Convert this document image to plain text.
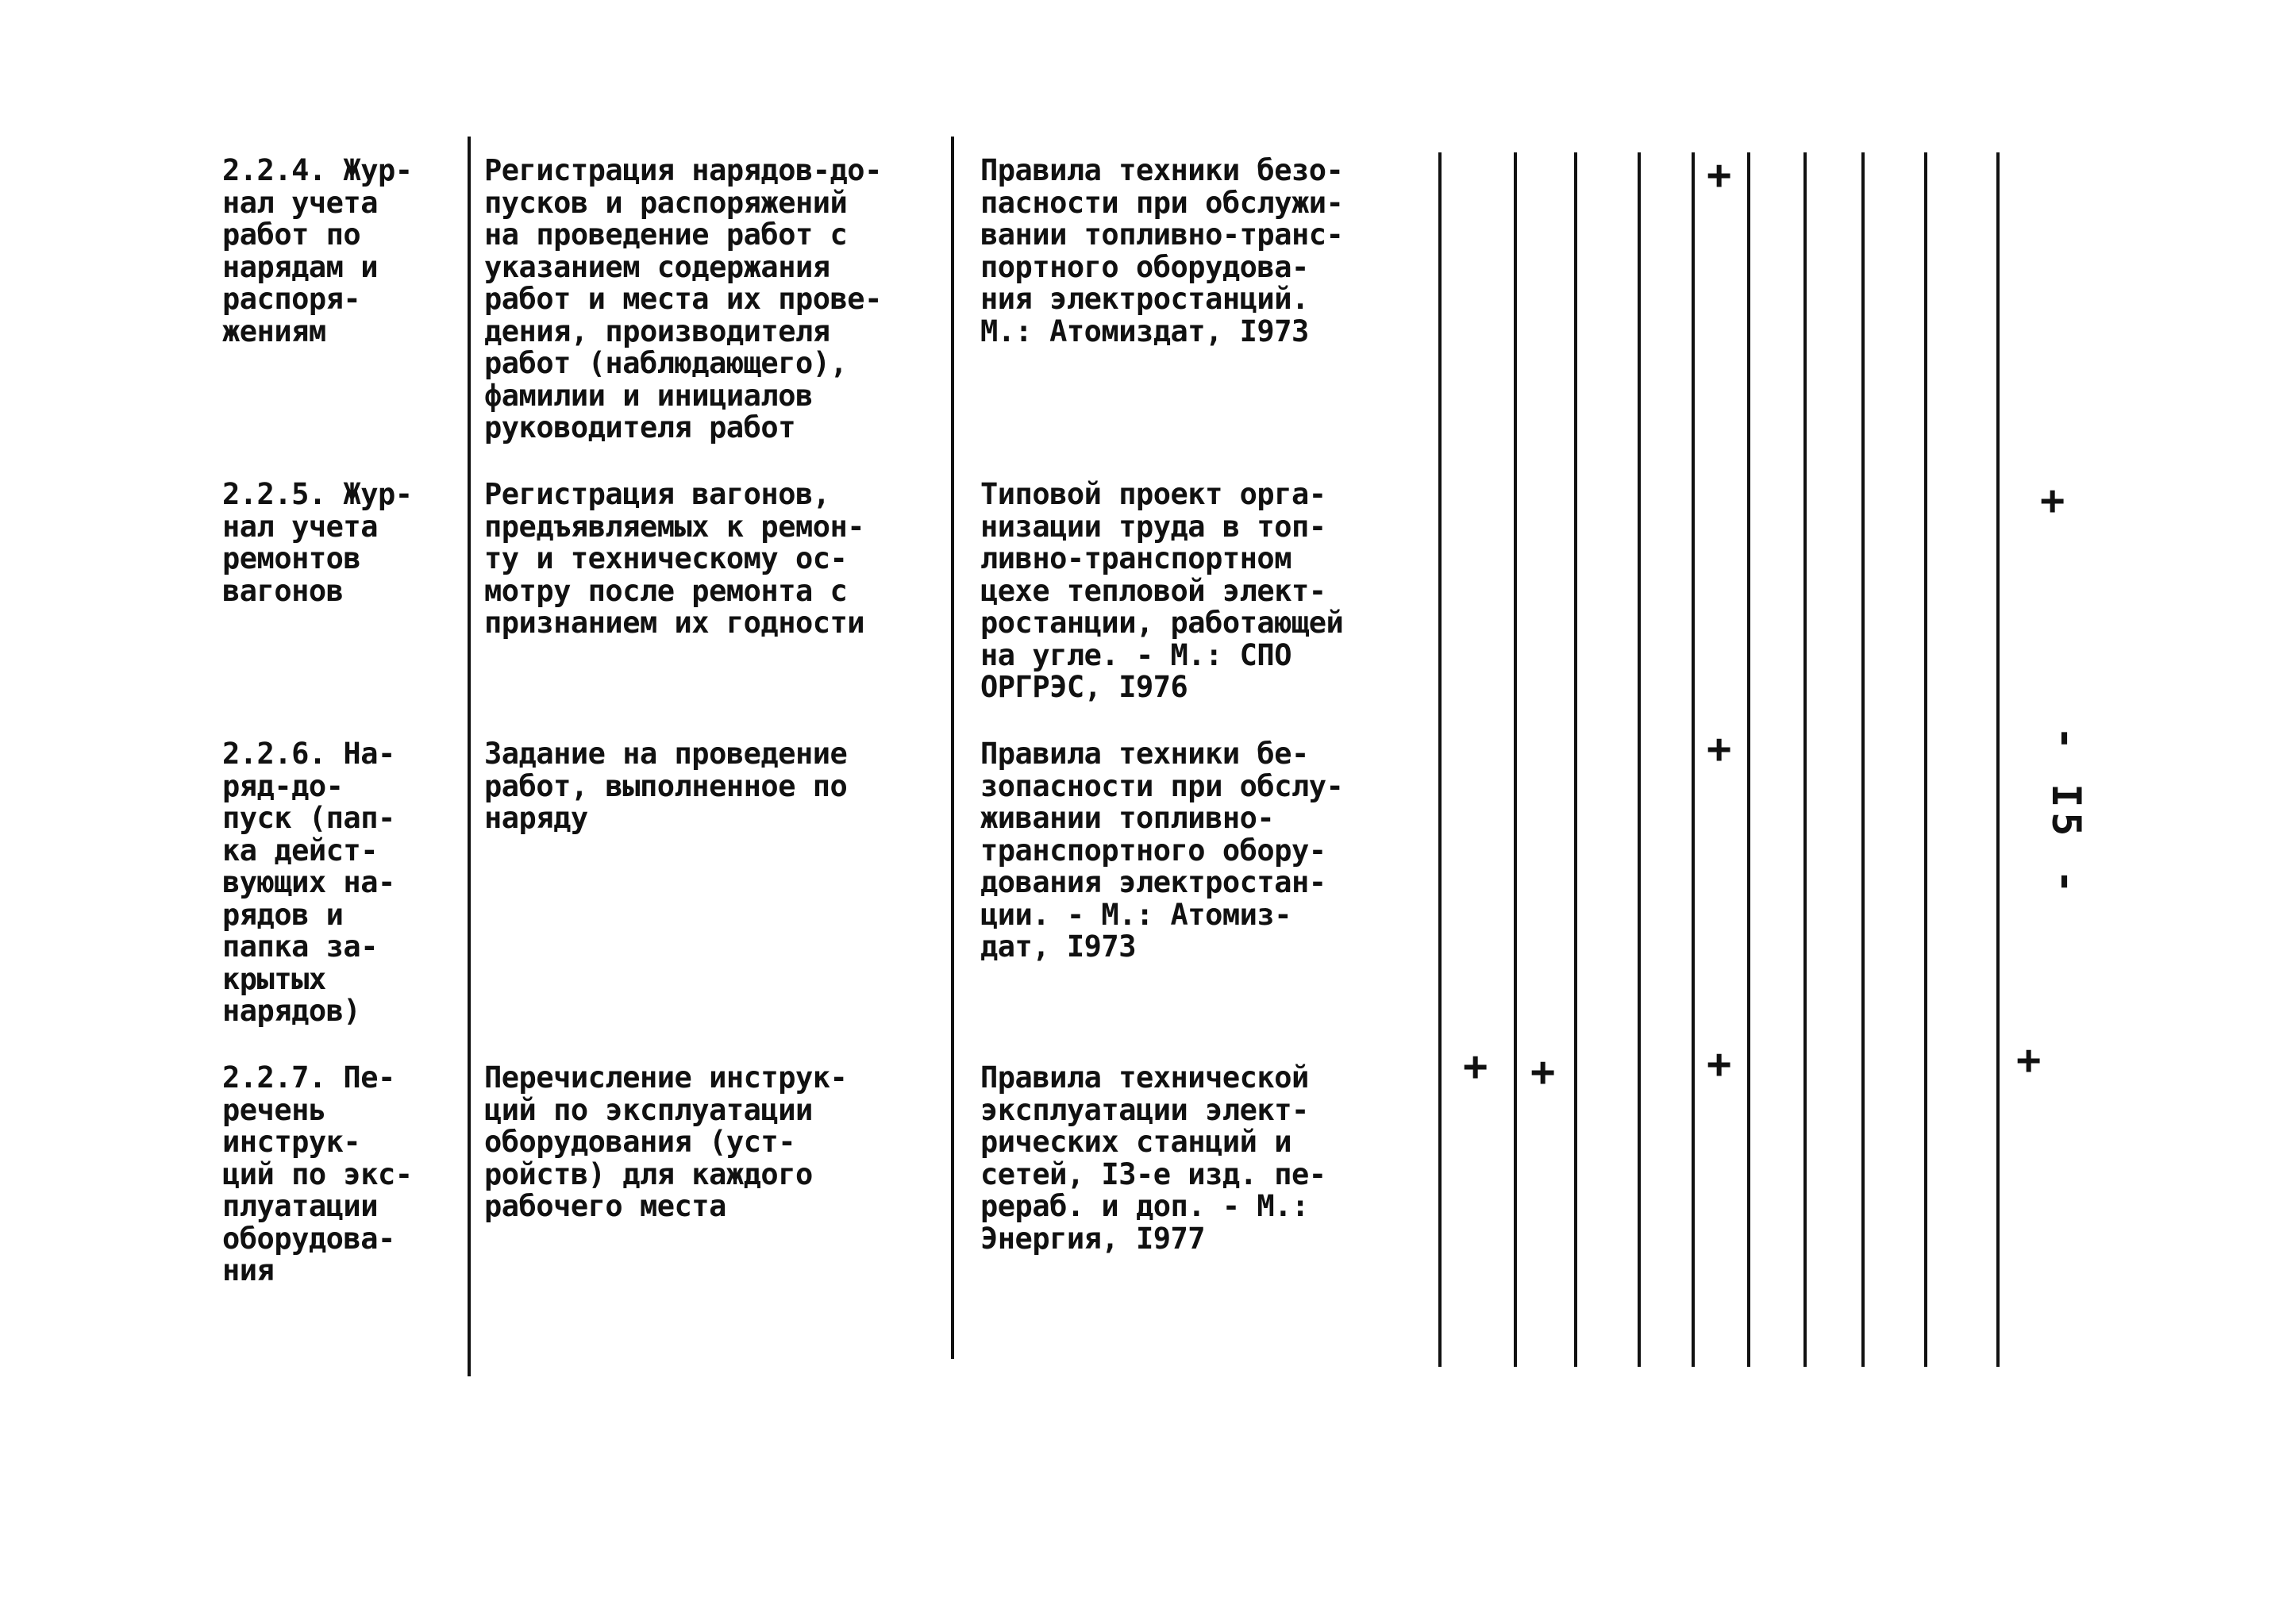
2.2.4. Жур-
нал учета
работ по
нарядам и
распоря-
жениям
Регистрация нарядов-до-
пусков и распоряжений
на проведение работ с
указанием содержания
работ и места их прове-
дения, производителя
работ (наблюдающего),
фамилии и инициалов
руководителя работ
Правила техники безо-
пасности при обслужи-
вании топливно-транс-
портного оборудова-
ния электростанций.
М.: Атомиздат, I973
2.2.5. Жур-
нал учета
ремонтов
вагонов
Регистрация вагонов,
предъявляемых к ремон-
ту и техническому ос-
мотру после ремонта с
признанием их годности
Типовой проект орга-
низации труда в топ-
ливно-транспортном
цехе тепловой элект-
ростанции, работающей
на угле. - М.: СПО
ОРГРЭС, I976
2.2.6. На-
ряд-до-
пуск (пап-
ка дейст-
вующих на-
рядов и
папка за-
крытых
нарядов)
Задание на проведение
работ, выполненное по
наряду
Правила техники бе-
зопасности при обслу-
живании топливно-
транспортного обору-
дования электростан-
ции. - М.: Атомиз-
дат, I973
2.2.7. Пе-
речень
инструк-
ций по экс-
плуатации
оборудова-
ния
Перечисление инструк-
ций по эксплуатации
оборудования (уст-
ройств) для каждого
рабочего места
Правила технической
эксплуатации элект-
рических станций и
сетей, I3-е изд. пе-
рераб. и доп. - М.:
Энергия, I977
+
+
+
+ +	+	+
- I5 -
